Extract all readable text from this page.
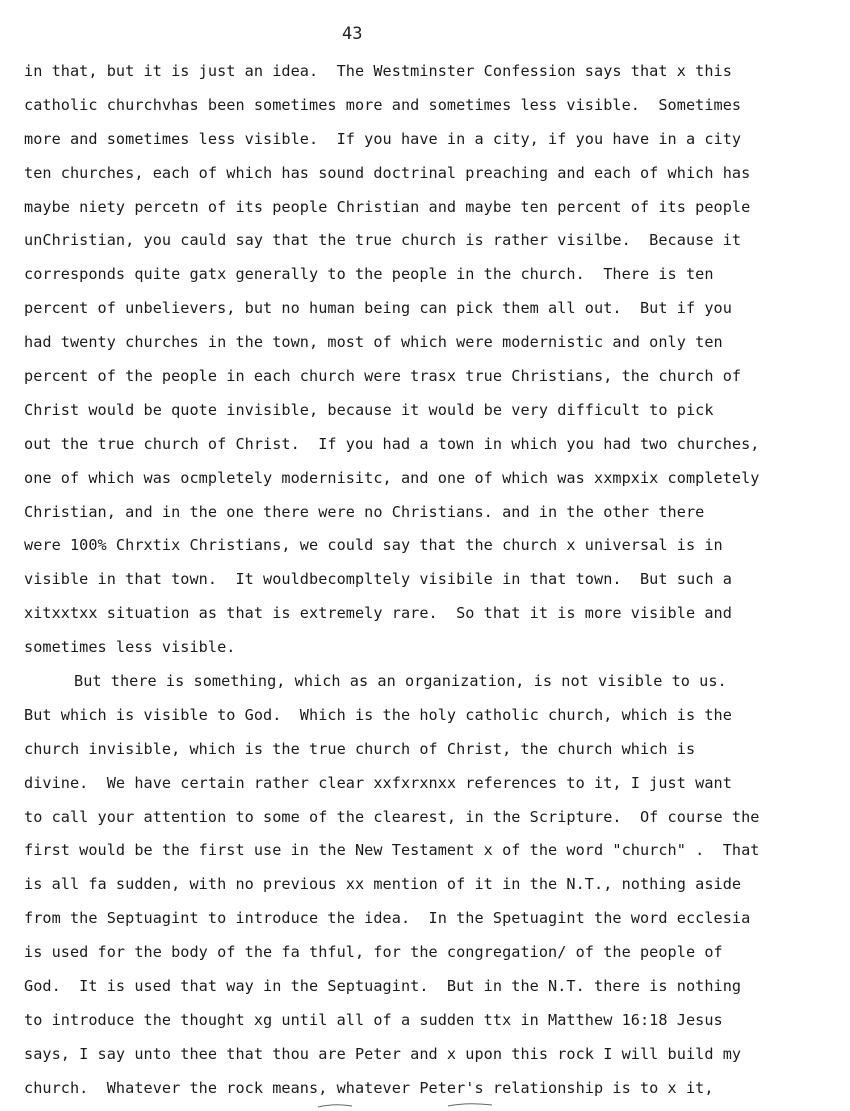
43
in that, but it is just an idea.  The Westminster Confession says that x this
catholic churchvhas been sometimes more and sometimes less visible.  Sometimes
more and sometimes less visible.  If you have in a city, if you have in a city
ten churches, each of which has sound doctrinal preaching and each of which has
maybe niety percetn of its people Christian and maybe ten percent of its people
unChristian, you cauld say that the true church is rather visilbe.  Because it
corresponds quite gatx generally to the people in the church.  There is ten
percent of unbelievers, but no human being can pick them all out.  But if you
had twenty churches in the town, most of which were modernistic and only ten
percent of the people in each church were trasx true Christians, the church of
Christ would be quote invisible, because it would be very difficult to pick
out the true church of Christ.  If you had a town in which you had two churches,
one of which was ocmpletely modernisitc, and one of which was xxmpxix completely
Christian, and in the one there were no Christians. and in the other there
were 100% Chrxtix Christians, we could say that the church x universal is in
visible in that town.  It wouldbecompltely visibile in that town.  But such a
xitxxtxx situation as that is extremely rare.  So that it is more visible and
sometimes less visible.
But there is something, which as an organization, is not visible to us.
But which is visible to God.  Which is the holy catholic church, which is the
church invisible, which is the true church of Christ, the church which is
divine.  We have certain rather clear xxfxrxnxx references to it, I just want
to call your attention to some of the clearest, in the Scripture.  Of course the
first would be the first use in the New Testament x of the word "church" .  That
is all fa sudden, with no previous xx mention of it in the N.T., nothing aside
from the Septuagint to introduce the idea.  In the Spetuagint the word ecclesia
is used for the body of the fa thful, for the congregation/ of the people of
God.  It is used that way in the Septuagint.  But in the N.T. there is nothing
to introduce the thought xg until all of a sudden ttx in Matthew 16:18 Jesus
says, I say unto thee that thou are Peter and x upon this rock I will build my
church.  Whatever the rock means, whatever Peter's relationship is to x it,
